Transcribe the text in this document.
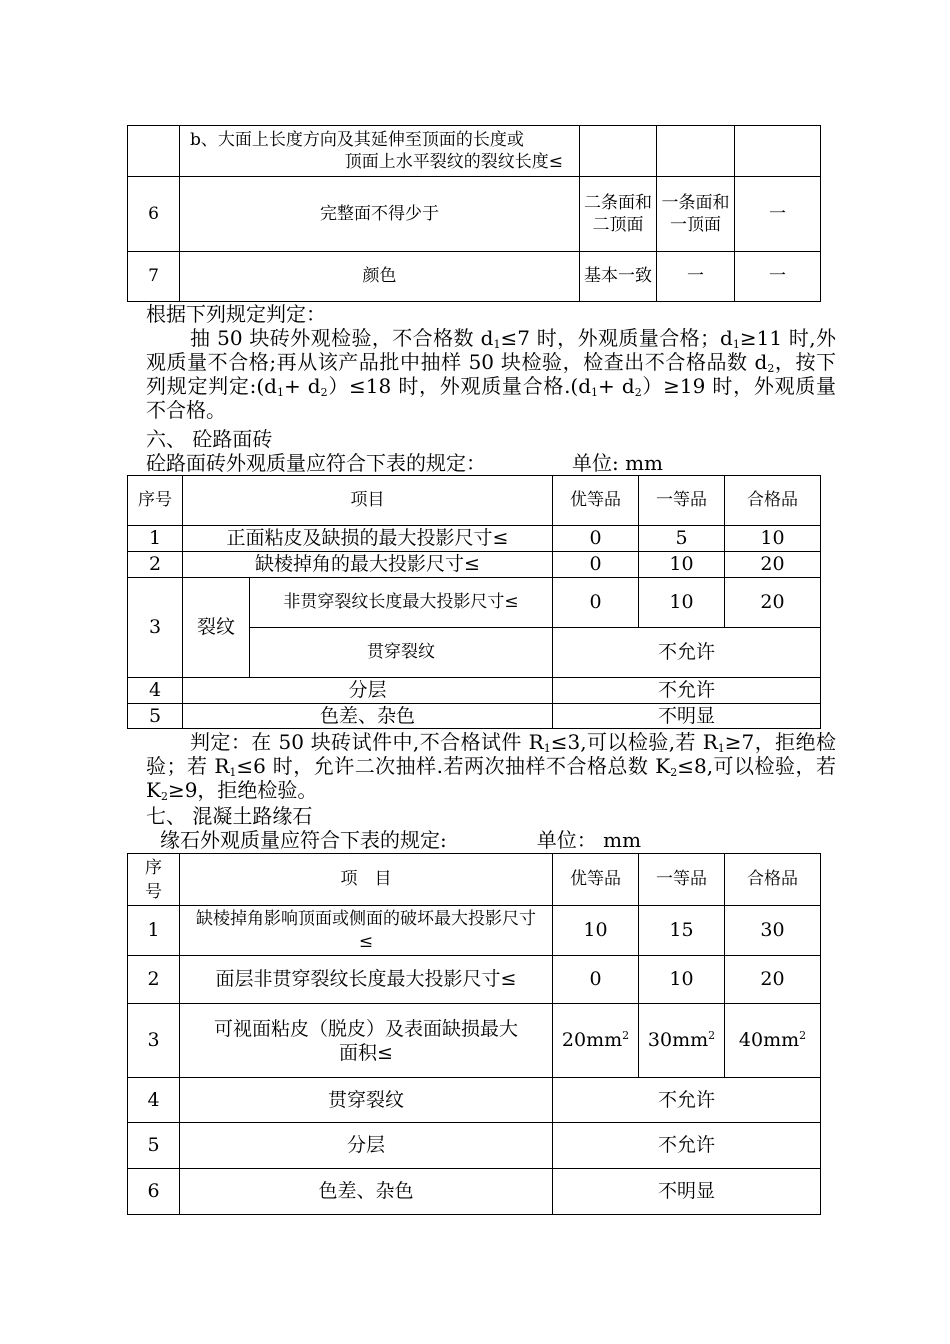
	b、大面上长度方向及其延伸至顶面的长度或
顶面上水平裂纹的裂纹长度≤			

6	完整面不得少于	二条面和二顶面	一条面和一顶面	一
7	颜色	基本一致	一	一

根据下列规定判定：

抽 50 块砖外观检验，不合格数 $d_1\le 7$ 时，外观质量合格；$d_1\ge 11$ 时,外观质量不合格;再从该产品批中抽样 50 块检验，检查出不合格品数 $d_2$，按下列规定判定$:(d_1+ d_2)\le 18$ 时，外观质量合格$.(d_1+ d_2)\ge 19$ 时，外观质量不合格。

六、 砼路面砖

砼路面砖外观质量应符合下表的规定：	单位: mm

序号	项目		优等品	一等品	合格品
1	正面粘皮及缺损的最大投影尺寸≤		0	5	10
2	缺棱掉角的最大投影尺寸≤		0	10	20
3	裂纹	非贯穿裂纹长度最大投影尺寸≤	0	10	20
		贯穿裂纹	不允许		
4	分层		不允许		
5	色差、杂色		不明显		

判定：在 50 块砖试件中,不合格试件 $R_1\le 3$,可以检验,若 $R_1\ge 7$，拒绝检验；若 $R_1\le 6$ 时，允许二次抽样.若两次抽样不合格总数 $K_2\le 8$,可以检验，若 $K_2\ge 9$，拒绝检验。

七、 混凝土路缘石

缘石外观质量应符合下表的规定:	单位： mm

序号	项　目	优等品	一等品	合格品
1	缺棱掉角影响顶面或侧面的破坏最大投影尺寸≤	10	15	30
2	面层非贯穿裂纹长度最大投影尺寸≤	0	10	20
3	可视面粘皮（脱皮）及表面缺损最大
面积≤	$20mm^2$	$30mm^2$	$40mm^2$
4	贯穿裂纹	不允许		
5	分层	不允许		
6	色差、杂色	不明显		
